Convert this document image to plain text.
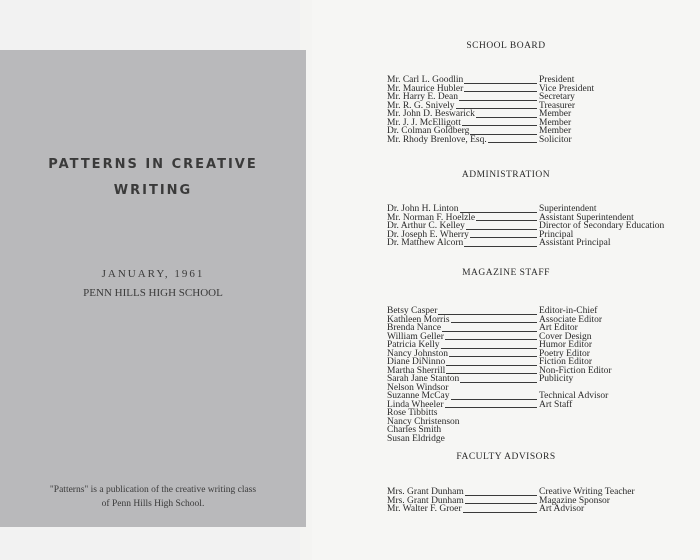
PATTERNS IN CREATIVE
WRITING
JANUARY, 1961
PENN HILLS HIGH SCHOOL
"Patterns" is a publication of the creative writing class
of Penn Hills High School.
SCHOOL BOARD
Mr. Carl L. Goodlin	President
Mr. Maurice Hubler	Vice President
Mr. Harry E. Dean	Secretary
Mr. R. G. Snively	Treasurer
Mr. John D. Beswarick	Member
Mr. J. J. McElligott	Member
Dr. Colman Goldberg	Member
Mr. Rhody Brenlove, Esq.	Solicitor
ADMINISTRATION
Dr. John H. Linton	Superintendent
Mr. Norman F. Hoelzle	Assistant Superintendent
Dr. Arthur C. Kelley	Director of Secondary Education
Dr. Joseph E. Wherry	Principal
Dr. Matthew Alcorn	Assistant Principal
MAGAZINE STAFF
Betsy Casper	Editor-in-Chief
Kathleen Morris	Associate Editor
Brenda Nance	Art Editor
William Geller	Cover Design
Patricia Kelly	Humor Editor
Nancy Johnston	Poetry Editor
Diane DiNinno	Fiction Editor
Martha Sherrill	Non-Fiction Editor
Sarah Jane Stanton	Publicity
Nelson Windsor
Suzanne McCay	Technical Advisor
Linda Wheeler	Art Staff
Rose Tibbitts
Nancy Christenson
Charles Smith
Susan Eldridge
FACULTY ADVISORS
Mrs. Grant Dunham	Creative Writing Teacher
Mrs. Grant Dunham	Magazine Sponsor
Mr. Walter F. Groer	Art Advisor
